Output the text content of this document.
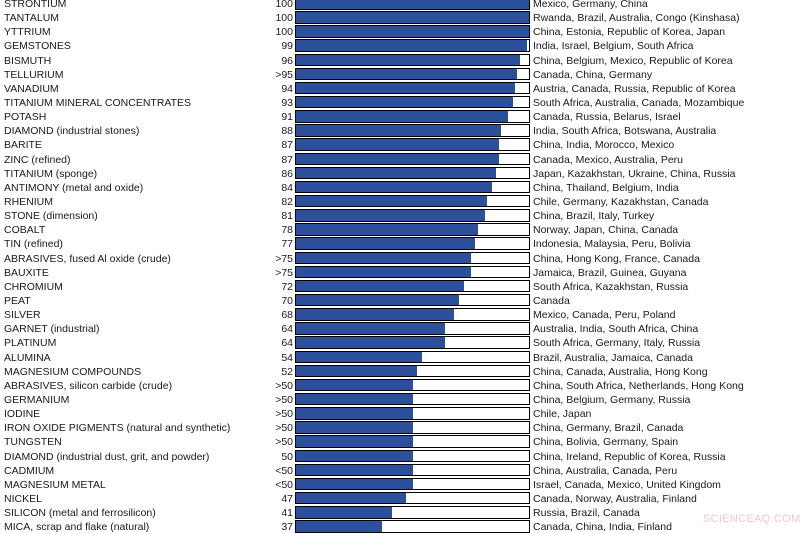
STRONTIUM	100	Mexico, Germany, China
TANTALUM	100	Rwanda, Brazil, Australia, Congo (Kinshasa)
YTTRIUM	100	China, Estonia, Republic of Korea, Japan
GEMSTONES	99	India, Israel, Belgium, South Africa
BISMUTH	96	China, Belgium, Mexico, Republic of Korea
TELLURIUM	>95	Canada, China, Germany
VANADIUM	94	Austria, Canada, Russia, Republic of Korea
TITANIUM MINERAL CONCENTRATES	93	South Africa, Australia, Canada, Mozambique
POTASH	91	Canada, Russia, Belarus, Israel
DIAMOND (industrial stones)	88	India, South Africa, Botswana, Australia
BARITE	87	China, India, Morocco, Mexico
ZINC (refined)	87	Canada, Mexico, Australia, Peru
TITANIUM (sponge)	86	Japan, Kazakhstan, Ukraine, China, Russia
ANTIMONY (metal and oxide)	84	China, Thailand, Belgium, India
RHENIUM	82	Chile, Germany, Kazakhstan, Canada
STONE (dimension)	81	China, Brazil, Italy, Turkey
COBALT	78	Norway, Japan, China, Canada
TIN (refined)	77	Indonesia, Malaysia, Peru, Bolivia
ABRASIVES, fused Al oxide (crude)	>75	China, Hong Kong, France, Canada
BAUXITE	>75	Jamaica, Brazil, Guinea, Guyana
CHROMIUM	72	South Africa, Kazakhstan, Russia
PEAT	70	Canada
SILVER	68	Mexico, Canada, Peru, Poland
GARNET (industrial)	64	Australia, India, South Africa, China
PLATINUM	64	South Africa, Germany, Italy, Russia
ALUMINA	54	Brazil, Australia, Jamaica, Canada
MAGNESIUM COMPOUNDS	52	China, Canada, Australia, Hong Kong
ABRASIVES, silicon carbide (crude)	>50	China, South Africa, Netherlands, Hong Kong
GERMANIUM	>50	China, Belgium, Germany, Russia
IODINE	>50	Chile, Japan
IRON OXIDE PIGMENTS (natural and synthetic)	>50	China, Germany, Brazil, Canada
TUNGSTEN	>50	China, Bolivia, Germany, Spain
DIAMOND (industrial dust, grit, and powder)	50	China, Ireland, Republic of Korea, Russia
CADMIUM	<50	China, Australia, Canada, Peru
MAGNESIUM METAL	<50	Israel, Canada, Mexico, United Kingdom
NICKEL	47	Canada, Norway, Australia, Finland
SILICON (metal and ferrosilicon)	41	Russia, Brazil, Canada
MICA, scrap and flake (natural)	37	Canada, China, India, Finland
SCIENCEAQ.COM
